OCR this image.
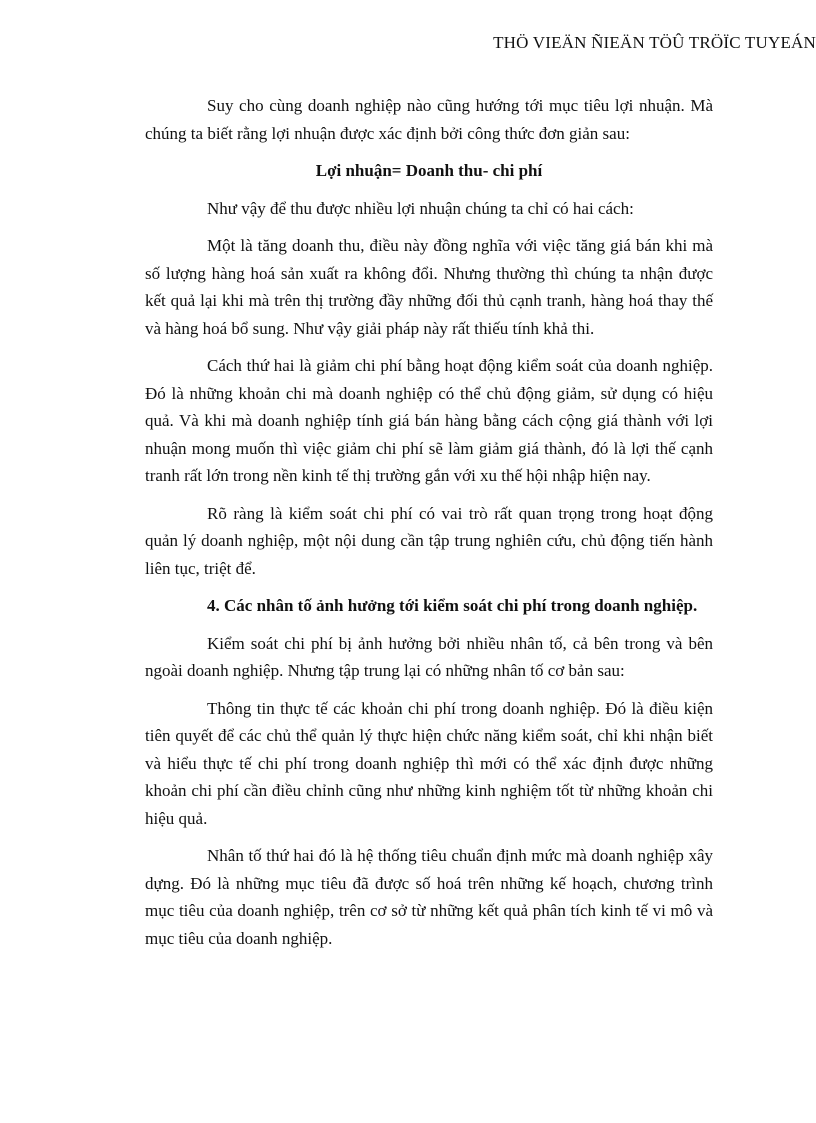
THÖ VIEÄN ÑIEÄN TÖÛ TRÖÏC TUYEÁN

Suy cho cùng doanh nghiệp nào cũng hướng tới mục tiêu lợi nhuận. Mà chúng ta biết rằng lợi nhuận được xác định bởi công thức đơn giản sau:

Lợi nhuận= Doanh thu- chi phí

Như vậy để thu được nhiều lợi nhuận chúng ta chỉ có hai cách:

Một là tăng doanh thu, điều này đồng nghĩa với việc tăng giá bán khi mà số lượng hàng hoá sản xuất ra không đổi. Nhưng thường thì chúng ta nhận được kết quả lại khi mà trên thị trường đầy những đối thủ cạnh tranh, hàng hoá thay thế và hàng hoá bổ sung. Như vậy giải pháp này rất thiếu tính khả thi.

Cách thứ hai là giảm chi phí bằng hoạt động kiểm soát của doanh nghiệp. Đó là những khoản chi mà doanh nghiệp có thể chủ động giảm, sử dụng có hiệu quả. Và khi mà doanh nghiệp tính giá bán hàng bằng cách cộng giá thành với lợi nhuận mong muốn thì việc giảm chi phí sẽ làm giảm giá thành, đó là lợi thế cạnh tranh rất lớn trong nền kinh tế thị trường gắn với xu thế hội nhập hiện nay.

Rõ ràng là kiểm soát chi phí có vai trò rất quan trọng trong hoạt động quản lý doanh nghiệp, một nội dung cần tập trung nghiên cứu, chủ động tiến hành liên tục, triệt để.

4. Các nhân tố ảnh hưởng tới kiểm soát chi phí trong doanh nghiệp.

Kiểm soát chi phí bị ảnh hưởng bởi nhiều nhân tố, cả bên trong và bên ngoài doanh nghiệp. Nhưng tập trung lại có những nhân tố cơ bản sau:

Thông tin thực tế các khoản chi phí trong doanh nghiệp. Đó là điều kiện tiên quyết để các chủ thể quản lý thực hiện chức năng kiểm soát, chỉ khi nhận biết và hiểu thực tế chi phí trong doanh nghiệp thì mới có thể xác định được những khoản chi phí cần điều chỉnh cũng như những kinh nghiệm tốt từ những khoản chi hiệu quả.

Nhân tố thứ hai đó là hệ thống tiêu chuẩn định mức mà doanh nghiệp xây dựng. Đó là những mục tiêu đã được số hoá trên những kế hoạch, chương trình mục tiêu của doanh nghiệp, trên cơ sở từ những kết quả phân tích kinh tế vi mô và mục tiêu của doanh nghiệp.
